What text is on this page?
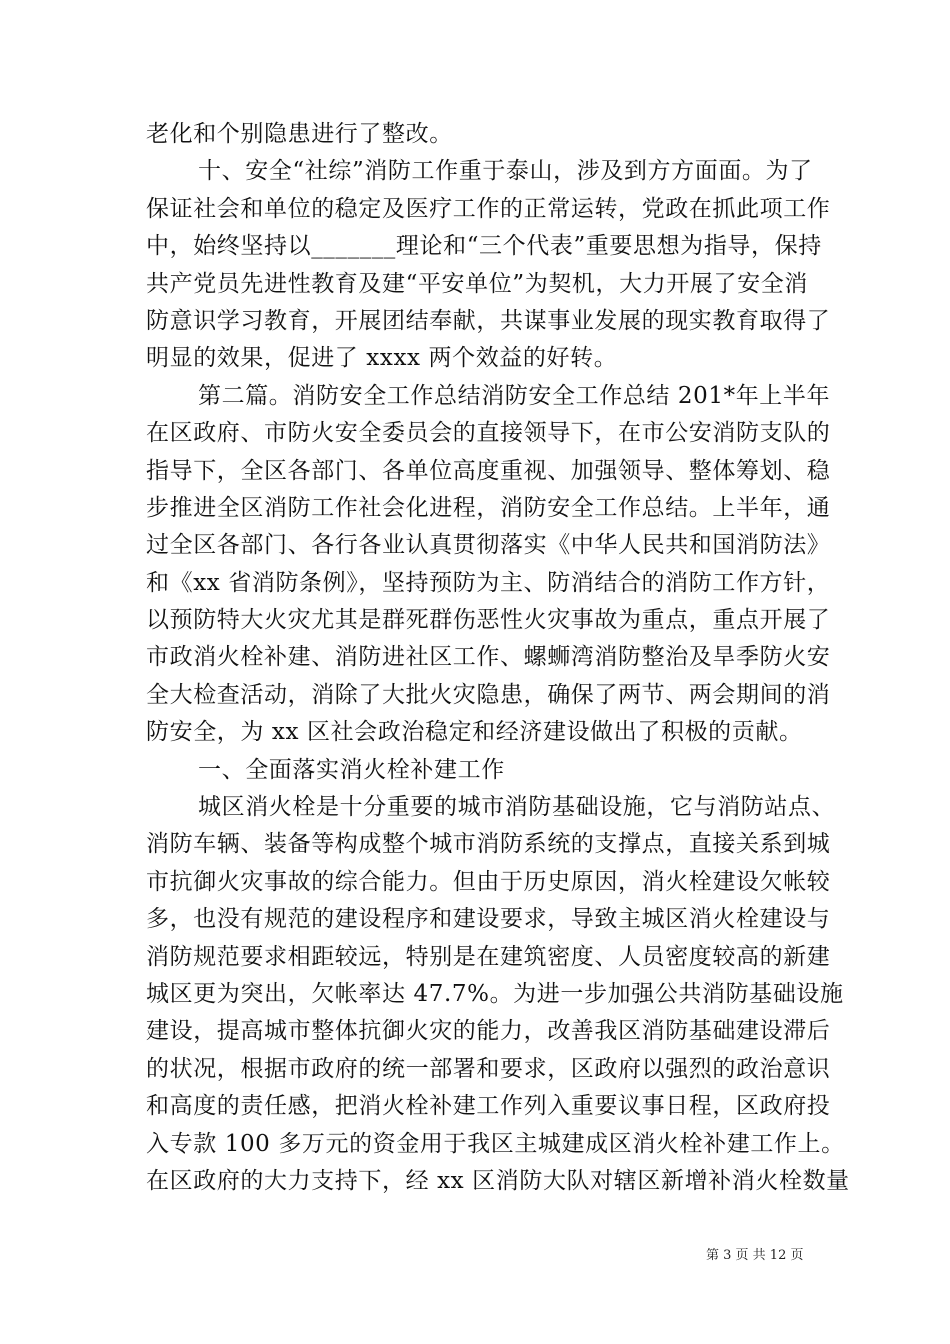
老化和个别隐患进行了整改。
十、安全“社综”消防工作重于泰山，涉及到方方面面。为了
保证社会和单位的稳定及医疗工作的正常运转，党政在抓此项工作
中，始终坚持以_______理论和“三个代表”重要思想为指导，保持
共产党员先进性教育及建“平安单位”为契机，大力开展了安全消
防意识学习教育，开展团结奉献，共谋事业发展的现实教育取得了
明显的效果，促进了 xxxx 两个效益的好转。
第二篇。消防安全工作总结消防安全工作总结 201*年上半年
在区政府、市防火安全委员会的直接领导下，在市公安消防支队的
指导下，全区各部门、各单位高度重视、加强领导、整体筹划、稳
步推进全区消防工作社会化进程，消防安全工作总结。上半年，通
过全区各部门、各行各业认真贯彻落实《中华人民共和国消防法》
和《xx 省消防条例》，坚持预防为主、防消结合的消防工作方针，
以预防特大火灾尤其是群死群伤恶性火灾事故为重点，重点开展了
市政消火栓补建、消防进社区工作、螺蛳湾消防整治及旱季防火安
全大检查活动，消除了大批火灾隐患，确保了两节、两会期间的消
防安全，为 xx 区社会政治稳定和经济建设做出了积极的贡献。
一、全面落实消火栓补建工作
城区消火栓是十分重要的城市消防基础设施，它与消防站点、
消防车辆、装备等构成整个城市消防系统的支撑点，直接关系到城
市抗御火灾事故的综合能力。但由于历史原因，消火栓建设欠帐较
多，也没有规范的建设程序和建设要求，导致主城区消火栓建设与
消防规范要求相距较远，特别是在建筑密度、人员密度较高的新建
城区更为突出，欠帐率达 47.7%。为进一步加强公共消防基础设施
建设，提高城市整体抗御火灾的能力，改善我区消防基础建设滞后
的状况，根据市政府的统一部署和要求，区政府以强烈的政治意识
和高度的责任感，把消火栓补建工作列入重要议事日程，区政府投
入专款 100 多万元的资金用于我区主城建成区消火栓补建工作上。
在区政府的大力支持下，经 xx 区消防大队对辖区新增补消火栓数量
第 3 页 共 12 页
